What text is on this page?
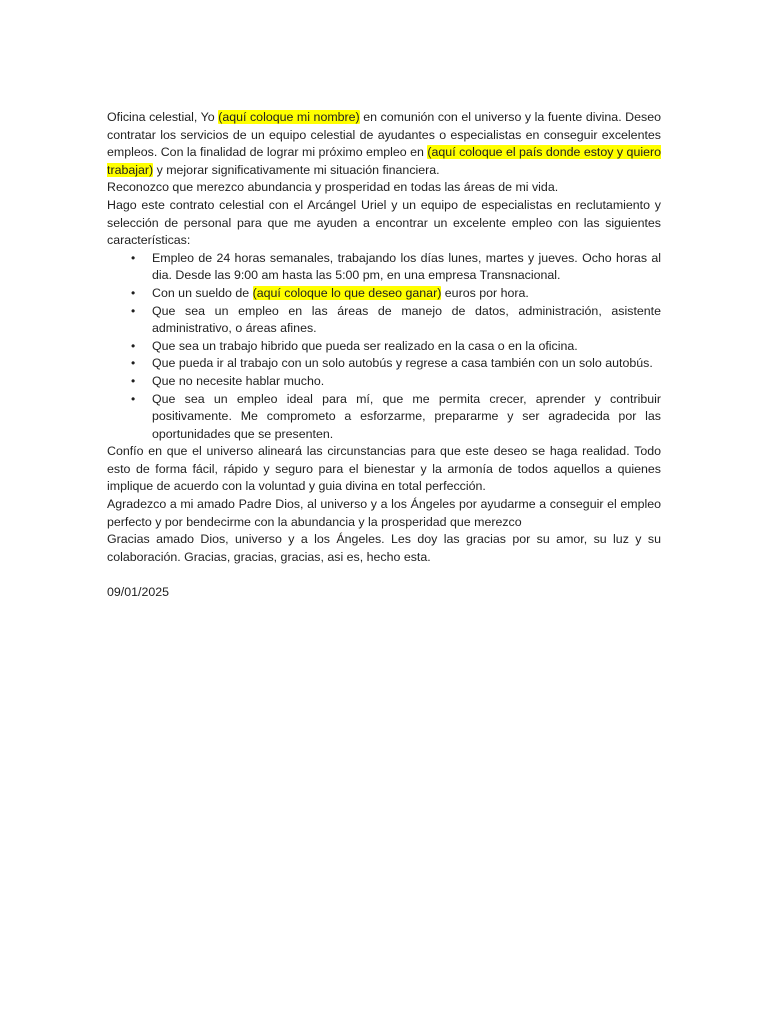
Oficina celestial, Yo (aquí coloque mi nombre) en comunión con el universo y la fuente divina. Deseo contratar los servicios de un equipo celestial de ayudantes o especialistas en conseguir excelentes empleos. Con la finalidad de lograr mi próximo empleo en (aquí coloque el país donde estoy y quiero trabajar) y mejorar significativamente mi situación financiera.

Reconozco que merezco abundancia y prosperidad en todas las áreas de mi vida.

Hago este contrato celestial con el Arcángel Uriel y un equipo de especialistas en reclutamiento y selección de personal para que me ayuden a encontrar un excelente empleo con las siguientes características:

• Empleo de 24 horas semanales, trabajando los días lunes, martes y jueves. Ocho horas al dia. Desde las 9:00 am hasta las 5:00 pm, en una empresa Transnacional.
• Con un sueldo de (aquí coloque lo que deseo ganar) euros por hora.
• Que sea un empleo en las áreas de manejo de datos, administración, asistente administrativo, o áreas afines.
• Que sea un trabajo hibrido que pueda ser realizado en la casa o en la oficina.
• Que pueda ir al trabajo con un solo autobús y regrese a casa también con un solo autobús.
• Que no necesite hablar mucho.
• Que sea un empleo ideal para mí, que me permita crecer, aprender y contribuir positivamente. Me comprometo a esforzarme, prepararme y ser agradecida por las oportunidades que se presenten.

Confío en que el universo alineará las circunstancias para que este deseo se haga realidad. Todo esto de forma fácil, rápido y seguro para el bienestar y la armonía de todos aquellos a quienes implique de acuerdo con la voluntad y guia divina en total perfección.

Agradezco a mi amado Padre Dios, al universo y a los Ángeles por ayudarme a conseguir el empleo perfecto y por bendecirme con la abundancia y la prosperidad que merezco

Gracias amado Dios, universo y a los Ángeles. Les doy las gracias por su amor, su luz y su colaboración. Gracias, gracias, gracias, asi es, hecho esta.

09/01/2025
